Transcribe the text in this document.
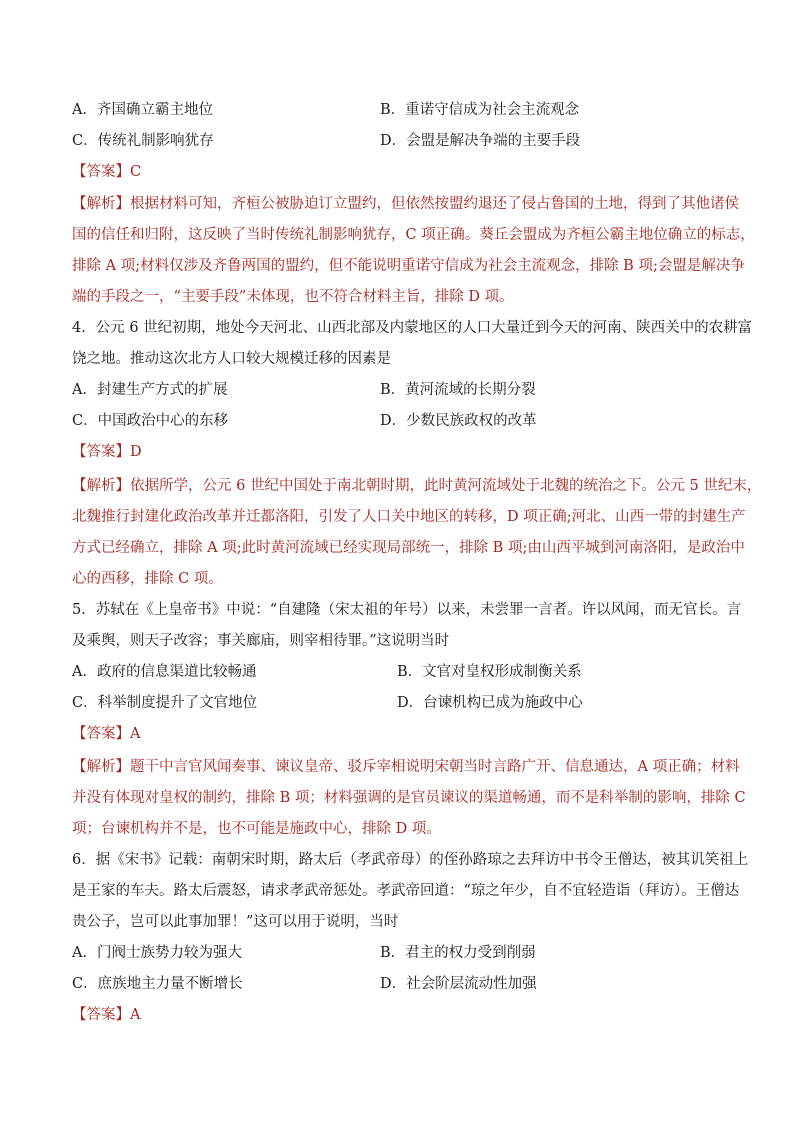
A．齐国确立霸主地位	B．重诺守信成为社会主流观念
C．传统礼制影响犹存	D．会盟是解决争端的主要手段
【答案】C
【解析】根据材料可知，齐桓公被胁迫订立盟约，但依然按盟约退还了侵占鲁国的土地，得到了其他诸侯
国的信任和归附，这反映了当时传统礼制影响犹存，C 项正确。葵丘会盟成为齐桓公霸主地位确立的标志，
排除 A 项;材料仅涉及齐鲁两国的盟约，但不能说明重诺守信成为社会主流观念，排除 B 项;会盟是解决争
端的手段之一，“主要手段”未体现，也不符合材料主旨，排除 D 项。
4．公元 6 世纪初期，地处今天河北、山西北部及内蒙地区的人口大量迁到今天的河南、陕西关中的农耕富
饶之地。推动这次北方人口较大规模迁移的因素是
A．封建生产方式的扩展	B．黄河流域的长期分裂
C．中国政治中心的东移	D．少数民族政权的改革
【答案】D
【解析】依据所学，公元 6 世纪中国处于南北朝时期，此时黄河流域处于北魏的统治之下。公元 5 世纪末，
北魏推行封建化政治改革并迁都洛阳，引发了人口关中地区的转移，D 项正确;河北、山西一带的封建生产
方式已经确立，排除 A 项;此时黄河流域已经实现局部统一，排除 B 项;由山西平城到河南洛阳，是政治中
心的西移，排除 C 项。
5．苏轼在《上皇帝书》中说：“自建隆（宋太祖的年号）以来，未尝罪一言者。许以风闻，而无官长。言
及乘舆，则天子改容；事关廊庙，则宰相待罪。”这说明当时
A．政府的信息渠道比较畅通	B．文官对皇权形成制衡关系
C．科举制度提升了文官地位	D．台谏机构已成为施政中心
【答案】A
【解析】题干中言官风闻奏事、谏议皇帝、驳斥宰相说明宋朝当时言路广开、信息通达，A 项正确；材料
并没有体现对皇权的制约，排除 B 项；材料强调的是官员谏议的渠道畅通，而不是科举制的影响，排除 C
项；台谏机构并不是，也不可能是施政中心，排除 D 项。
6．据《宋书》记载：南朝宋时期，路太后（孝武帝母）的侄孙路琼之去拜访中书令王僧达，被其讥笑祖上
是王家的车夫。路太后震怒，请求孝武帝惩处。孝武帝回道：“琼之年少，自不宜轻造诣（拜访）。王僧达
贵公子，岂可以此事加罪！”这可以用于说明，当时
A．门阀士族势力较为强大	B．君主的权力受到削弱
C．庶族地主力量不断增长	D．社会阶层流动性加强
【答案】A
